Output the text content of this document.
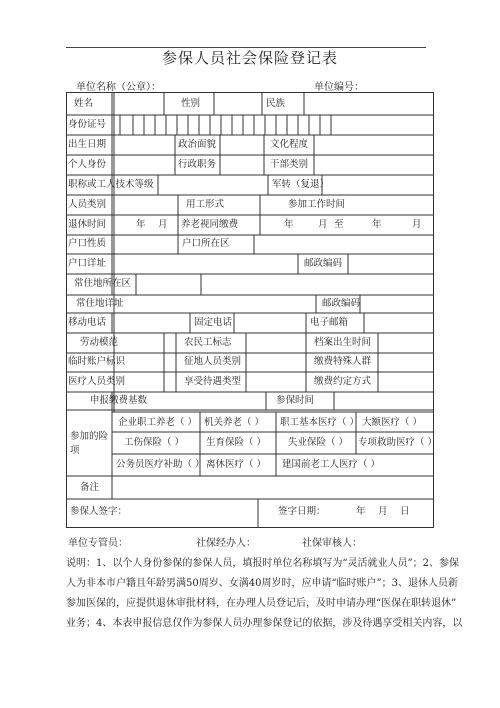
参保人员社会保险登记表
单位名称（公章）：	单位编号：
姓名	性别	民族
身份证号
出生日期	政治面貌	文化程度
个人身份	行政职务	干部类别
职称或工人技术等级	军转（复退）
人员类别	用工形式	参加工作时间
退休时间	年 月 养老视同缴费	年	月 至	年	月
户口性质	户口所在区
户口详址	邮政编码
常住地所在区
常住地详址	邮政编码
移动电话	固定电话	电子邮箱
劳动模范	农民工标志	档案出生时间
临时账户标识	征地人员类别	缴费特殊人群
医疗人员类别	享受待遇类型	缴费约定方式
申报缴费基数	参保时间
参加的险项
企业职工养老（ ） 机关养老（ ） 职工基本医疗（ ） 大额医疗（ ）
工伤保险（ ） 生育保险（ ） 失业保险（ ） 专项救助医疗（ ）
公务员医疗补助（ ） 离休医疗（ ） 建国前老工人医疗（ ）
备注
参保人签字：	签字日期：	年 月 日
单位专管员：	社保经办人：	社保审核人：
说明：1、以个人身份参保的参保人员，填报时单位名称填写为“灵活就业人员”；2、参保
人为非本市户籍且年龄男满50周岁、女满40周岁时，应申请“临时账户”；3、退休人员新
参加医保的，应提供退休审批材料，在办理人员登记后，及时申请办理“医保在职转退休”
业务；4、本表申报信息仅作为参保人员办理参保登记的依据，涉及待遇享受相关内容，以
